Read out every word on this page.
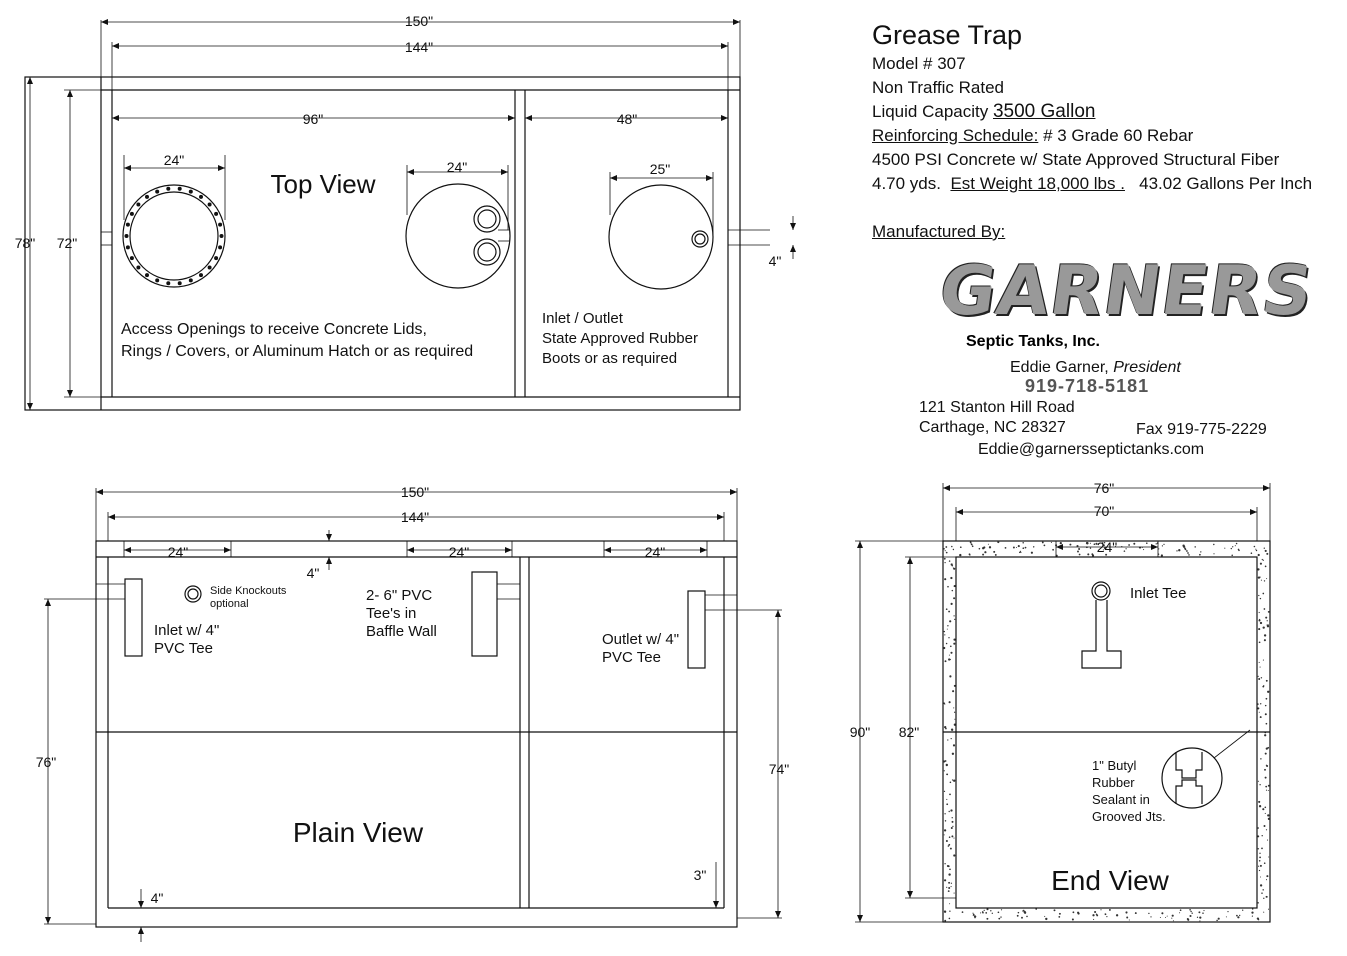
150"
144"
96"	48"
78" 72"
24"	24"	25"
4"
Top View
Access Openings to receive Concrete Lids,
Rings / Covers, or Aluminum Hatch or as required
Inlet / Outlet
State Approved Rubber
Boots or as required
150"
144"
24"	24"	24"
4"
76"	74"
3"
4"
Side Knockouts
optional
Inlet w/ 4"
PVC Tee
2- 6" PVC
Tee's in
Baffle Wall	Outlet w/ 4"
PVC Tee
Plain View
76"
70"
24"
90" 82"
Inlet Tee
1" Butyl
Rubber
Sealant in
Grooved Jts.
End View
Grease Trap
Model # 307
Non Traffic Rated
Liquid Capacity 3500 Gallon
Reinforcing Schedule: # 3 Grade 60 Rebar
4500 PSI Concrete w/ State Approved Structural Fiber
4.70 yds. Est Weight 18,000 lbs . 43.02 Gallons Per Inch
Manufactured By:
GARNERS
Septic Tanks, Inc.
Eddie Garner, President
919-718-5181
121 Stanton Hill Road
Carthage, NC 28327	Fax 919-775-2229
Eddie@garnersseptictanks.com
